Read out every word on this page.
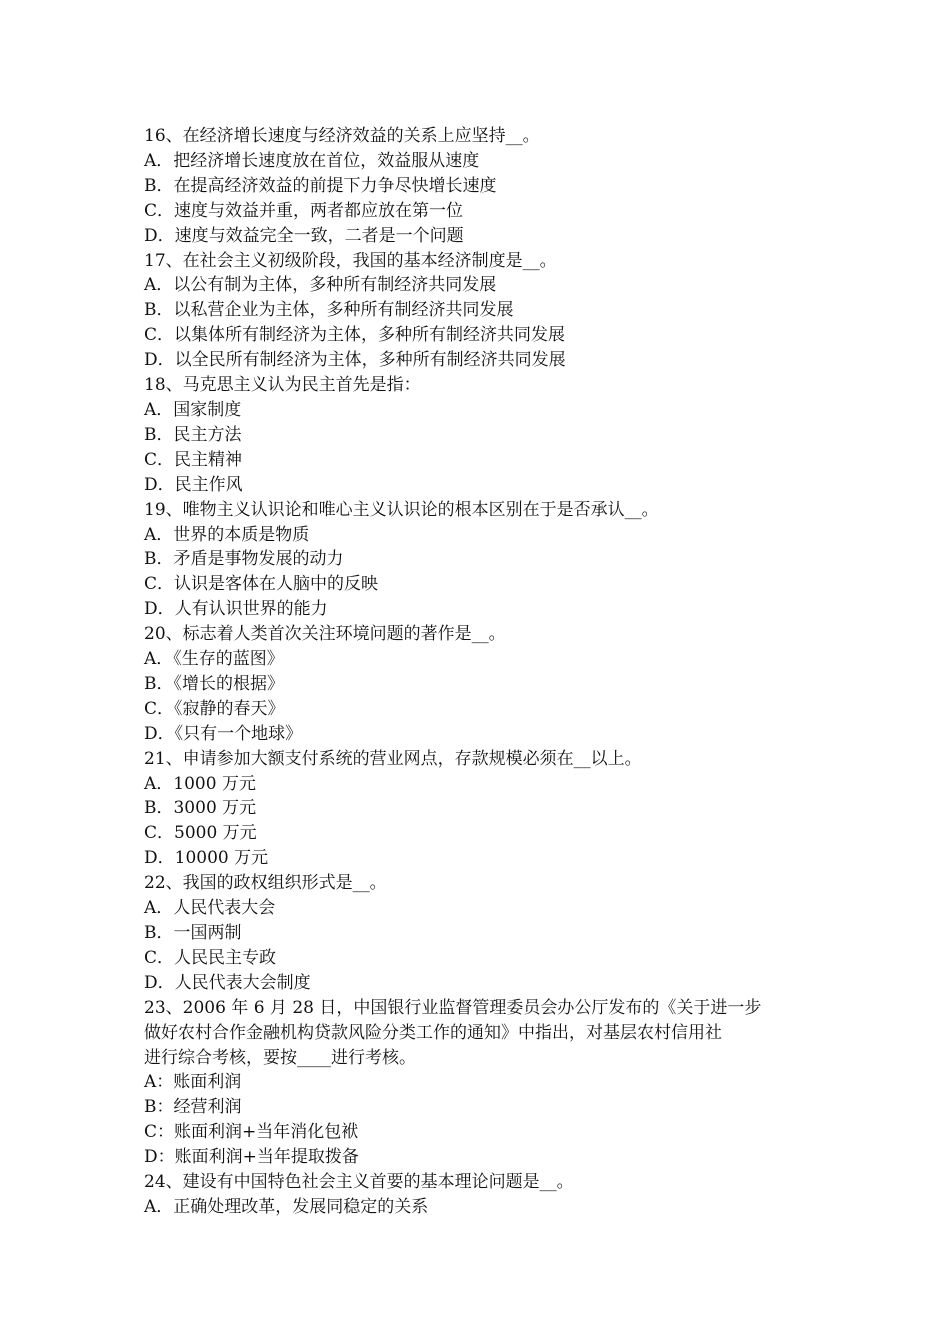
16、在经济增长速度与经济效益的关系上应坚持__。
A．把经济增长速度放在首位，效益服从速度
B．在提高经济效益的前提下力争尽快增长速度
C．速度与效益并重，两者都应放在第一位
D．速度与效益完全一致，二者是一个问题
17、在社会主义初级阶段，我国的基本经济制度是__。
A．以公有制为主体，多种所有制经济共同发展
B．以私营企业为主体，多种所有制经济共同发展
C．以集体所有制经济为主体，多种所有制经济共同发展
D．以全民所有制经济为主体，多种所有制经济共同发展
18、马克思主义认为民主首先是指：
A．国家制度
B．民主方法
C．民主精神
D．民主作风
19、唯物主义认识论和唯心主义认识论的根本区别在于是否承认__。
A．世界的本质是物质
B．矛盾是事物发展的动力
C．认识是客体在人脑中的反映
D．人有认识世界的能力
20、标志着人类首次关注环境问题的著作是__。
A．《生存的蓝图》
B．《增长的根据》
C．《寂静的春天》
D．《只有一个地球》
21、申请参加大额支付系统的营业网点，存款规模必须在__以上。
A．1000 万元
B．3000 万元
C．5000 万元
D．10000 万元
22、我国的政权组织形式是__。
A．人民代表大会
B．一国两制
C．人民民主专政
D．人民代表大会制度
23、2006 年 6 月 28 日，中国银行业监督管理委员会办公厅发布的《关于进一步
做好农村合作金融机构贷款风险分类工作的通知》中指出，对基层农村信用社
进行综合考核，要按____进行考核。
A：账面利润
B：经营利润
C：账面利润+当年消化包袱
D：账面利润+当年提取拨备
24、建设有中国特色社会主义首要的基本理论问题是__。
A．正确处理改革，发展同稳定的关系
